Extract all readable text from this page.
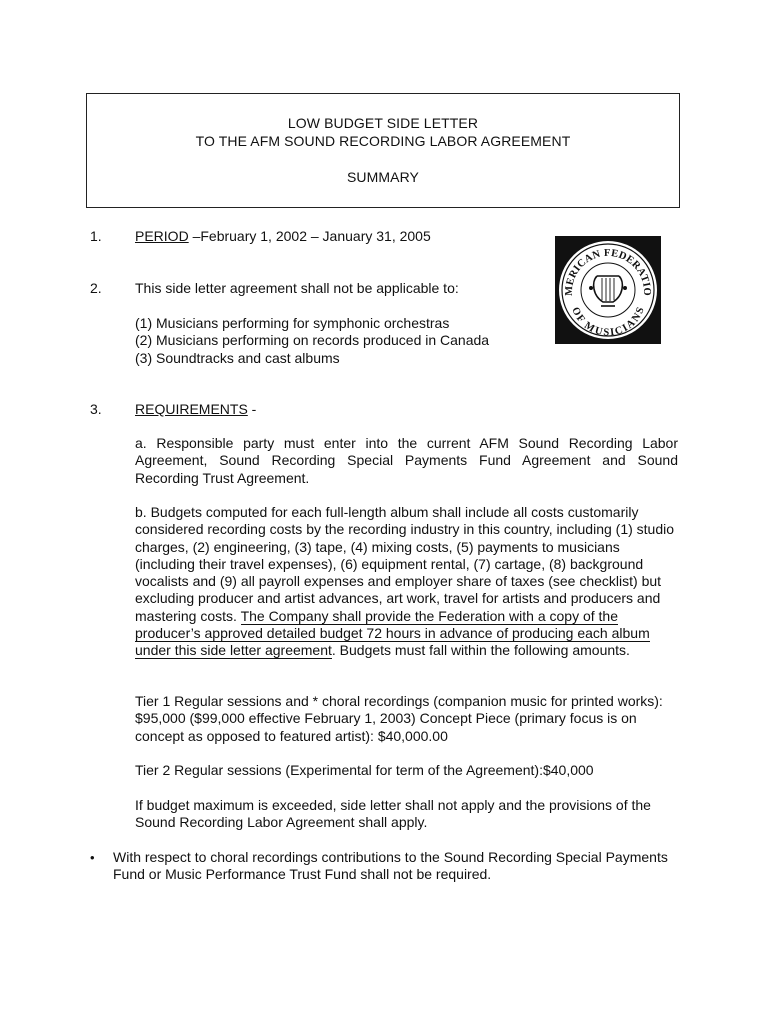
LOW BUDGET SIDE LETTER
TO THE AFM SOUND RECORDING LABOR AGREEMENT
SUMMARY
1. PERIOD –February 1, 2002 – January 31, 2005
MERICAN FEDERATIO
OF MUSICIANS
2. This side letter agreement shall not be applicable to:
(1) Musicians performing for symphonic orchestras
(2) Musicians performing on records produced in Canada
(3) Soundtracks and cast albums
3. REQUIREMENTS -
a. Responsible party must enter into the current AFM Sound Recording Labor Agreement, Sound Recording Special Payments Fund Agreement and Sound Recording Trust Agreement.
b. Budgets computed for each full-length album shall include all costs customarily considered recording costs by the recording industry in this country, including (1) studio charges, (2) engineering, (3) tape, (4) mixing costs, (5) payments to musicians (including their travel expenses), (6) equipment rental, (7) cartage, (8) background vocalists and (9) all payroll expenses and employer share of taxes (see checklist) but excluding producer and artist advances, art work, travel for artists and producers and mastering costs. The Company shall provide the Federation with a copy of the producer’s approved detailed budget 72 hours in advance of producing each album under this side letter agreement. Budgets must fall within the following amounts.
Tier 1 Regular sessions and * choral recordings (companion music for printed works): $95,000 ($99,000 effective February 1, 2003) Concept Piece (primary focus is on concept as opposed to featured artist): $40,000.00
Tier 2 Regular sessions (Experimental for term of the Agreement):$40,000
If budget maximum is exceeded, side letter shall not apply and the provisions of the Sound Recording Labor Agreement shall apply.
• With respect to choral recordings contributions to the Sound Recording Special Payments Fund or Music Performance Trust Fund shall not be required.
